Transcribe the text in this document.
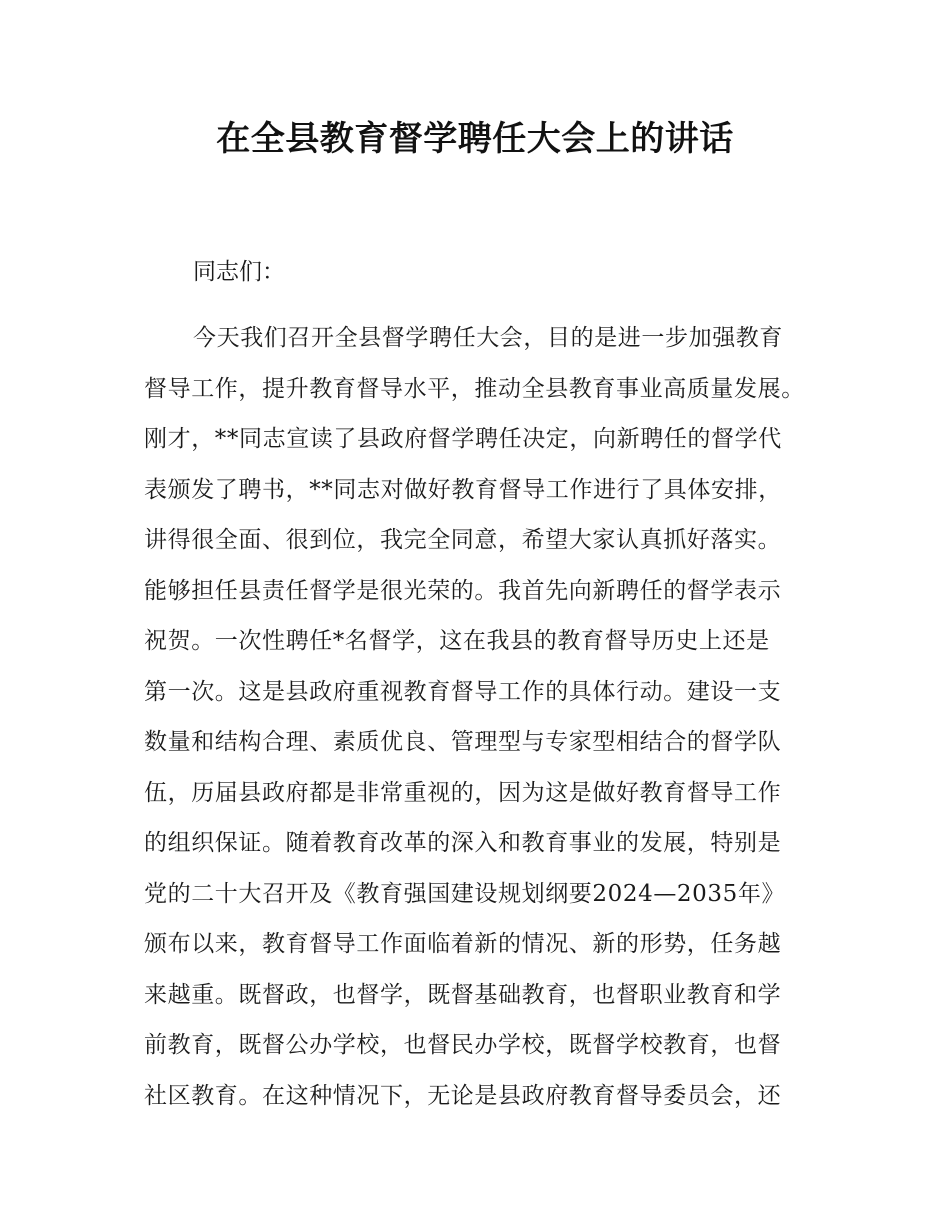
在全县教育督学聘任大会上的讲话
同志们：
今天我们召开全县督学聘任大会，目的是进一步加强教育
督导工作，提升教育督导水平，推动全县教育事业高质量发展。
刚才，**同志宣读了县政府督学聘任决定，向新聘任的督学代
表颁发了聘书，**同志对做好教育督导工作进行了具体安排，
讲得很全面、很到位，我完全同意，希望大家认真抓好落实。
能够担任县责任督学是很光荣的。我首先向新聘任的督学表示
祝贺。一次性聘任*名督学，这在我县的教育督导历史上还是
第一次。这是县政府重视教育督导工作的具体行动。建设一支
数量和结构合理、素质优良、管理型与专家型相结合的督学队
伍，历届县政府都是非常重视的，因为这是做好教育督导工作
的组织保证。随着教育改革的深入和教育事业的发展，特别是
党的二十大召开及《教育强国建设规划纲要2024—2035年》
颁布以来，教育督导工作面临着新的情况、新的形势，任务越
来越重。既督政，也督学，既督基础教育，也督职业教育和学
前教育，既督公办学校，也督民办学校，既督学校教育，也督
社区教育。在这种情况下，无论是县政府教育督导委员会，还
